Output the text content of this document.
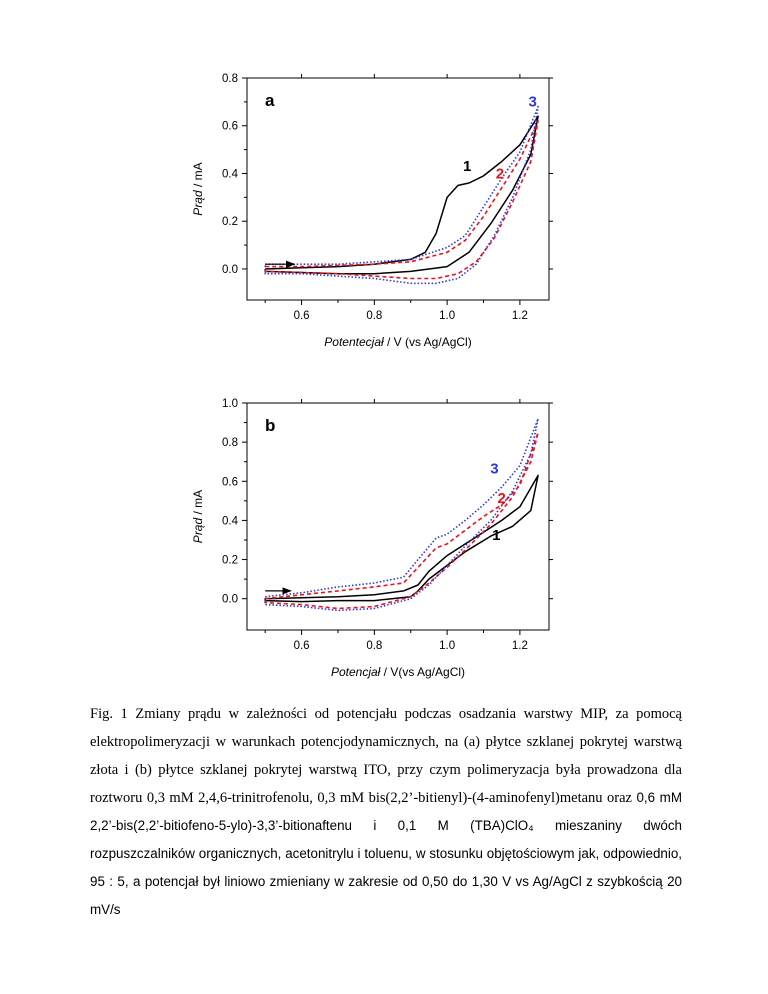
0.6	0.8	1.0	1.2
0.0
0.2
0.4
0.6
0.8
1 2
3
a
Potentecjał / V (vs Ag/AgCl)
Prąd / mA
0.6	0.8	1.0	1.2
0.0
0.2
0.4
0.6
0.8
1.0
1
2
3
b
Potencjał / V(vs Ag/AgCl)
Prąd / mA

Fig. 1 Zmiany prądu w zależności od potencjału podczas osadzania warstwy MIP, za pomocą elektropolimeryzacji w warunkach potencjodynamicznych, na (a) płytce szklanej pokrytej warstwą złota i (b) płytce szklanej pokrytej warstwą ITO, przy czym polimeryzacja była prowadzona dla roztworu 0,3 mM 2,4,6-trinitrofenolu, 0,3 mM bis(2,2’-bitienyl)-(4-aminofenyl)metanu oraz 0,6 mM 2,2’-bis(2,2’-bitiofeno-5-ylo)-3,3’-bitionaftenu i 0,1 M (TBA)ClO₄ mieszaniny dwóch rozpuszczalników organicznych, acetonitrylu i toluenu, w stosunku objętościowym jak, odpowiednio, 95 : 5, a potencjał był liniowo zmieniany w zakresie od 0,50 do 1,30 V vs Ag/AgCl z szybkością 20 mV/s
